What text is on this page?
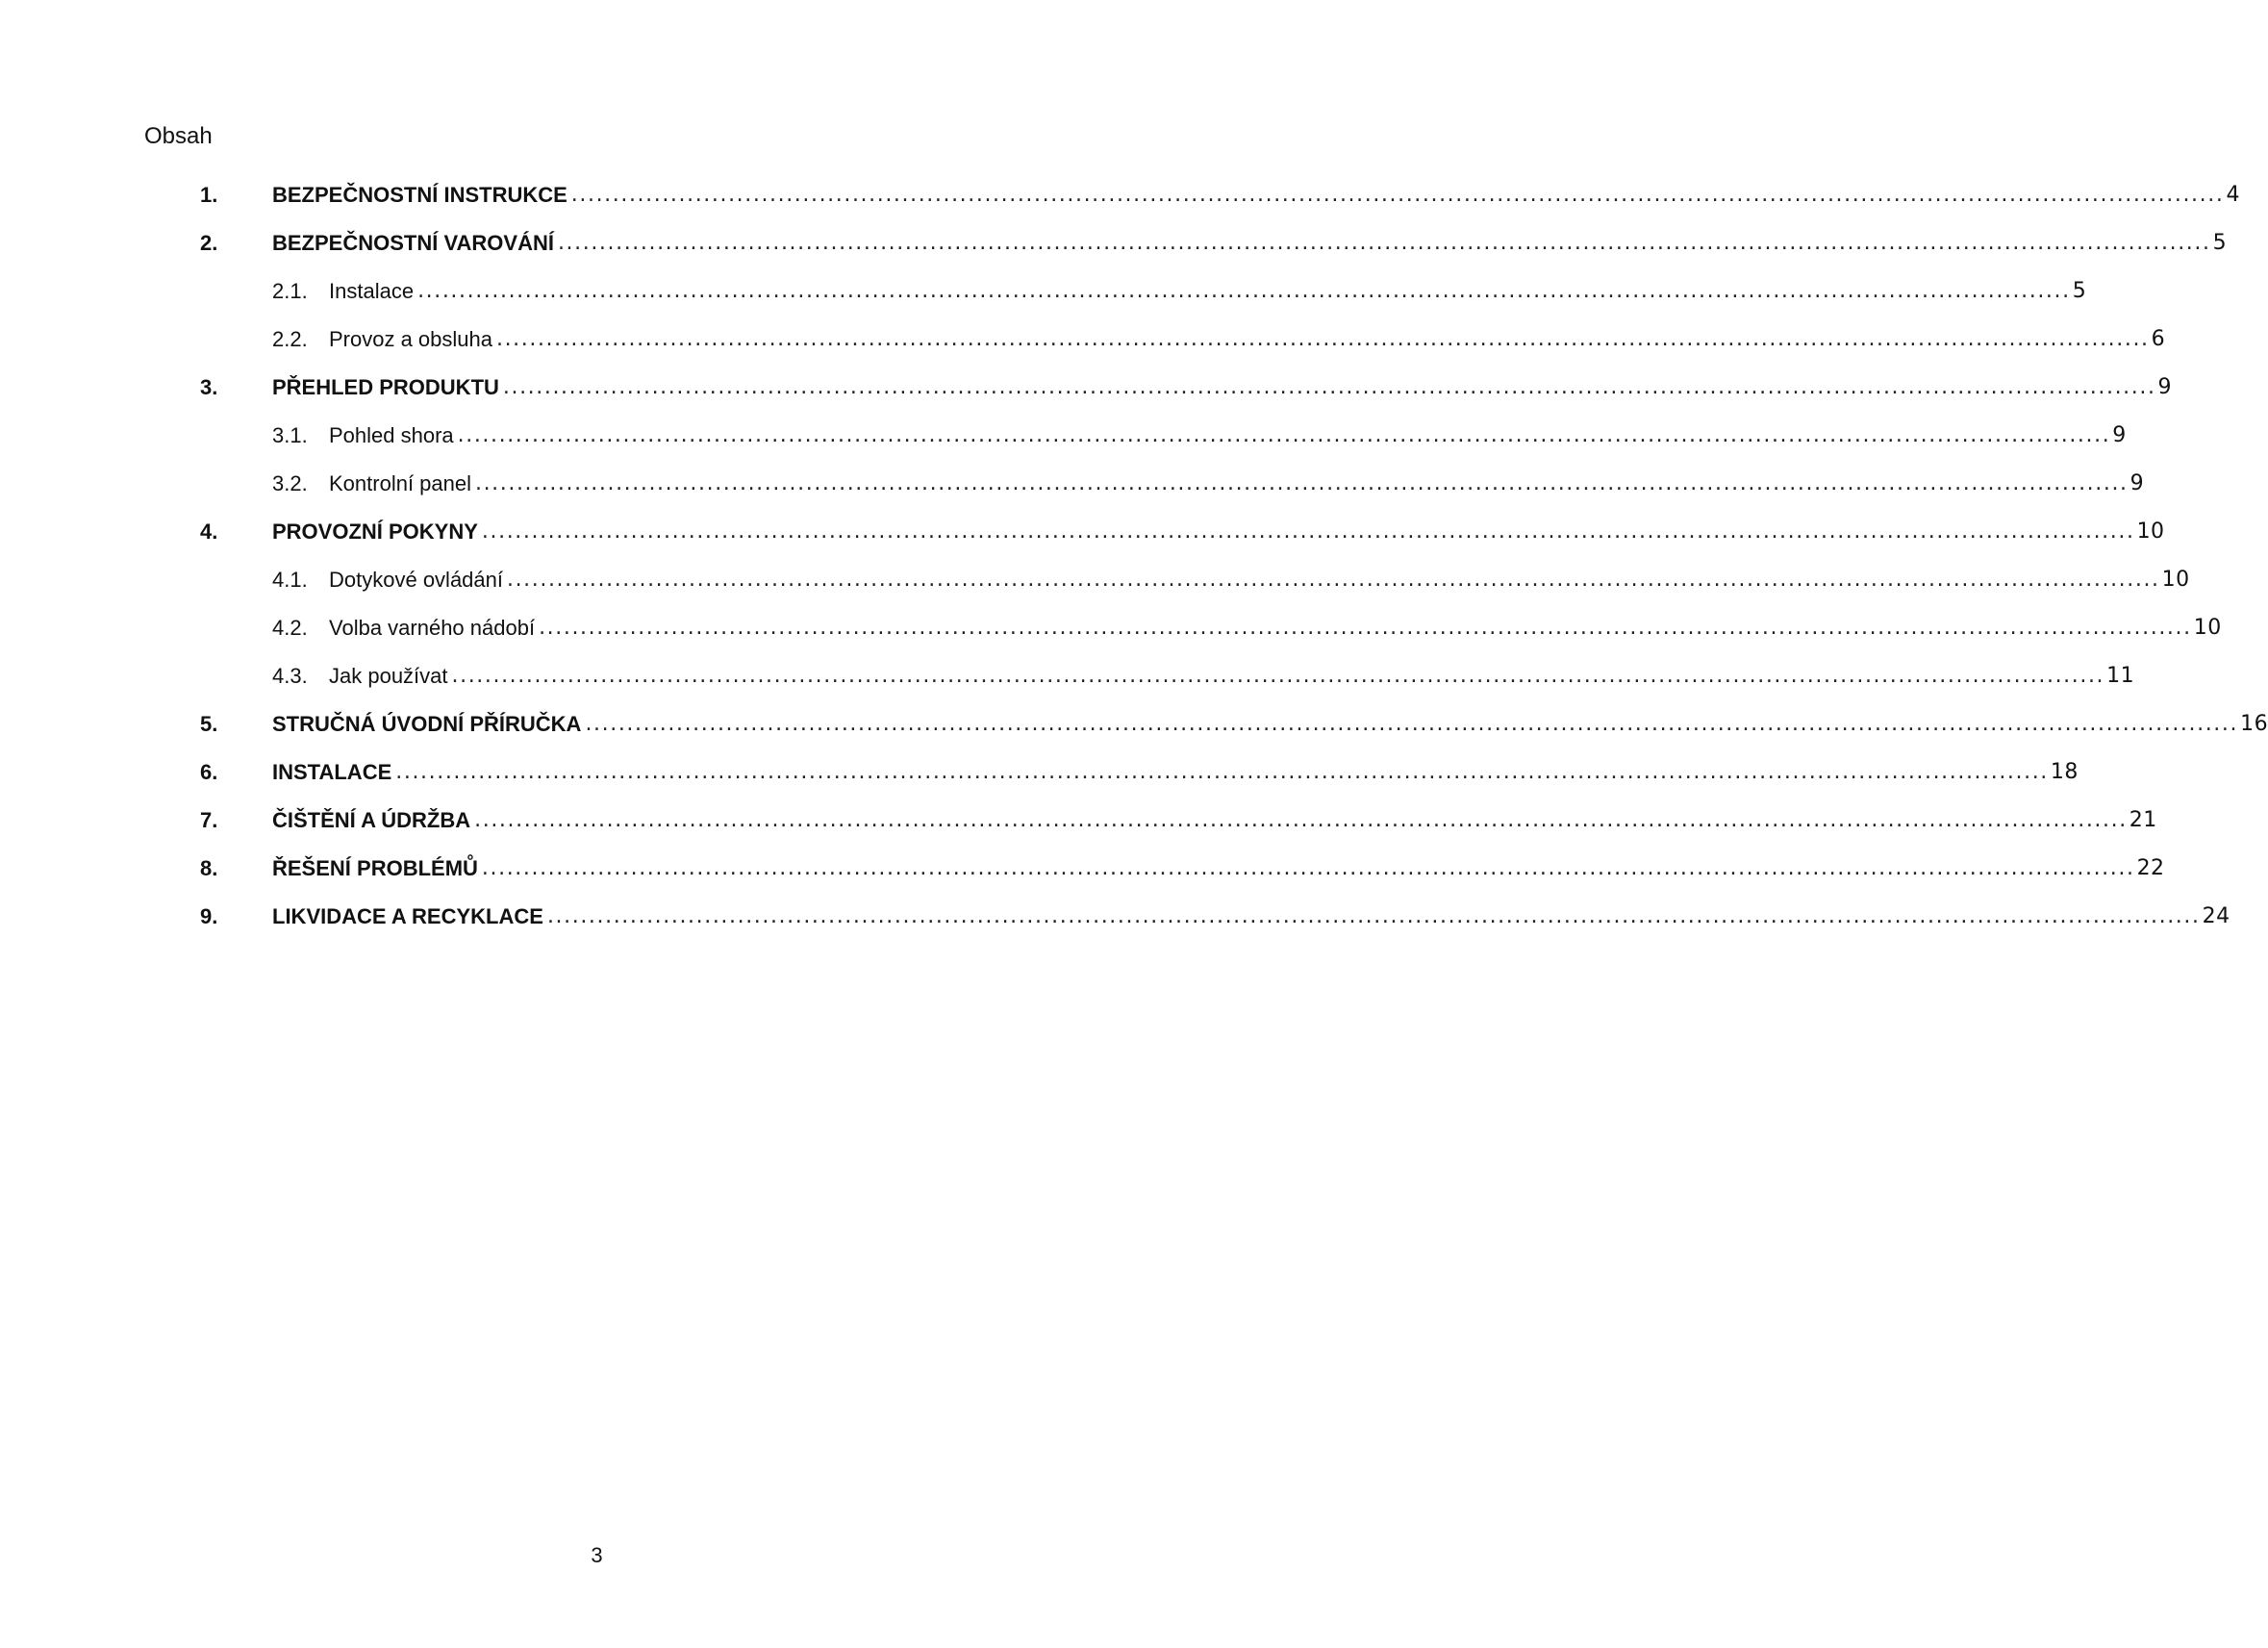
Obsah
1.	BEZPEČNOSTNÍ INSTRUKCE ........................................................................................................................................................................................................ 4
2.	BEZPEČNOSTNÍ VAROVÁNÍ ........................................................................................................................................................................................................ 5
2.1. Instalace ........................................................................................................................................................................................................ 5
2.2. Provoz a obsluha ........................................................................................................................................................................................................ 6
3.	PŘEHLED PRODUKTU ........................................................................................................................................................................................................ 9
3.1. Pohled shora ........................................................................................................................................................................................................ 9
3.2. Kontrolní panel ........................................................................................................................................................................................................ 9
4.	PROVOZNÍ POKYNY ........................................................................................................................................................................................................ 10
4.1. Dotykové ovládání ........................................................................................................................................................................................................ 10
4.2. Volba varného nádobí ........................................................................................................................................................................................................ 10
4.3. Jak používat ........................................................................................................................................................................................................ 11
5.	STRUČNÁ ÚVODNÍ PŘÍRUČKA ........................................................................................................................................................................................................ 16
6.	INSTALACE ........................................................................................................................................................................................................ 18
7.	ČIŠTĚNÍ A ÚDRŽBA ........................................................................................................................................................................................................ 21
8.	ŘEŠENÍ PROBLÉMŮ ........................................................................................................................................................................................................ 22
9.	LIKVIDACE A RECYKLACE ........................................................................................................................................................................................................ 24
3
